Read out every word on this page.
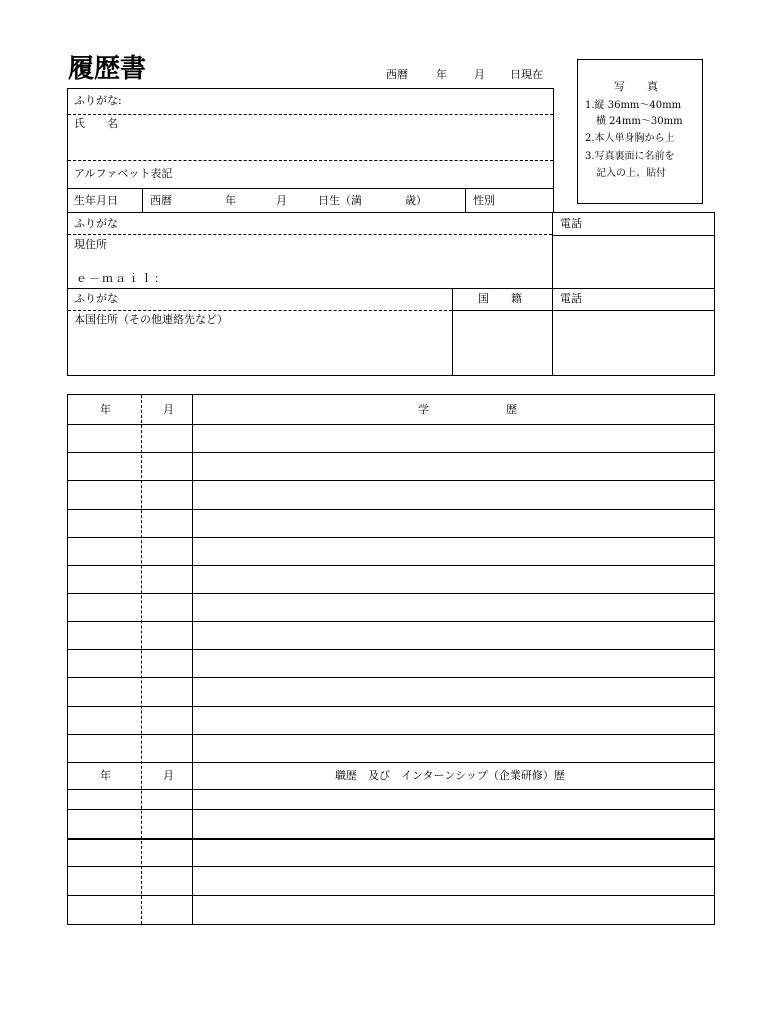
履歴書	西暦	年 月 日現在
写　　真
1.縦 36mm〜40mm
横 24mm〜30mm
2.本人単身胸から上
3.写真裏面に名前を
記入の上、貼付
ふりがな:
氏　　名
アルファベット表記
生年月日	西暦	年	月	日生（満	歳）	性別
ふりがな
現住所
ｅ－ｍａｉｌ：
電話
ふりがな	国　　籍	電話
本国住所（その他連絡先など）
年	月	学　　　　　　　歴
年	月	職歴　及び　インターンシップ（企業研修）歴
